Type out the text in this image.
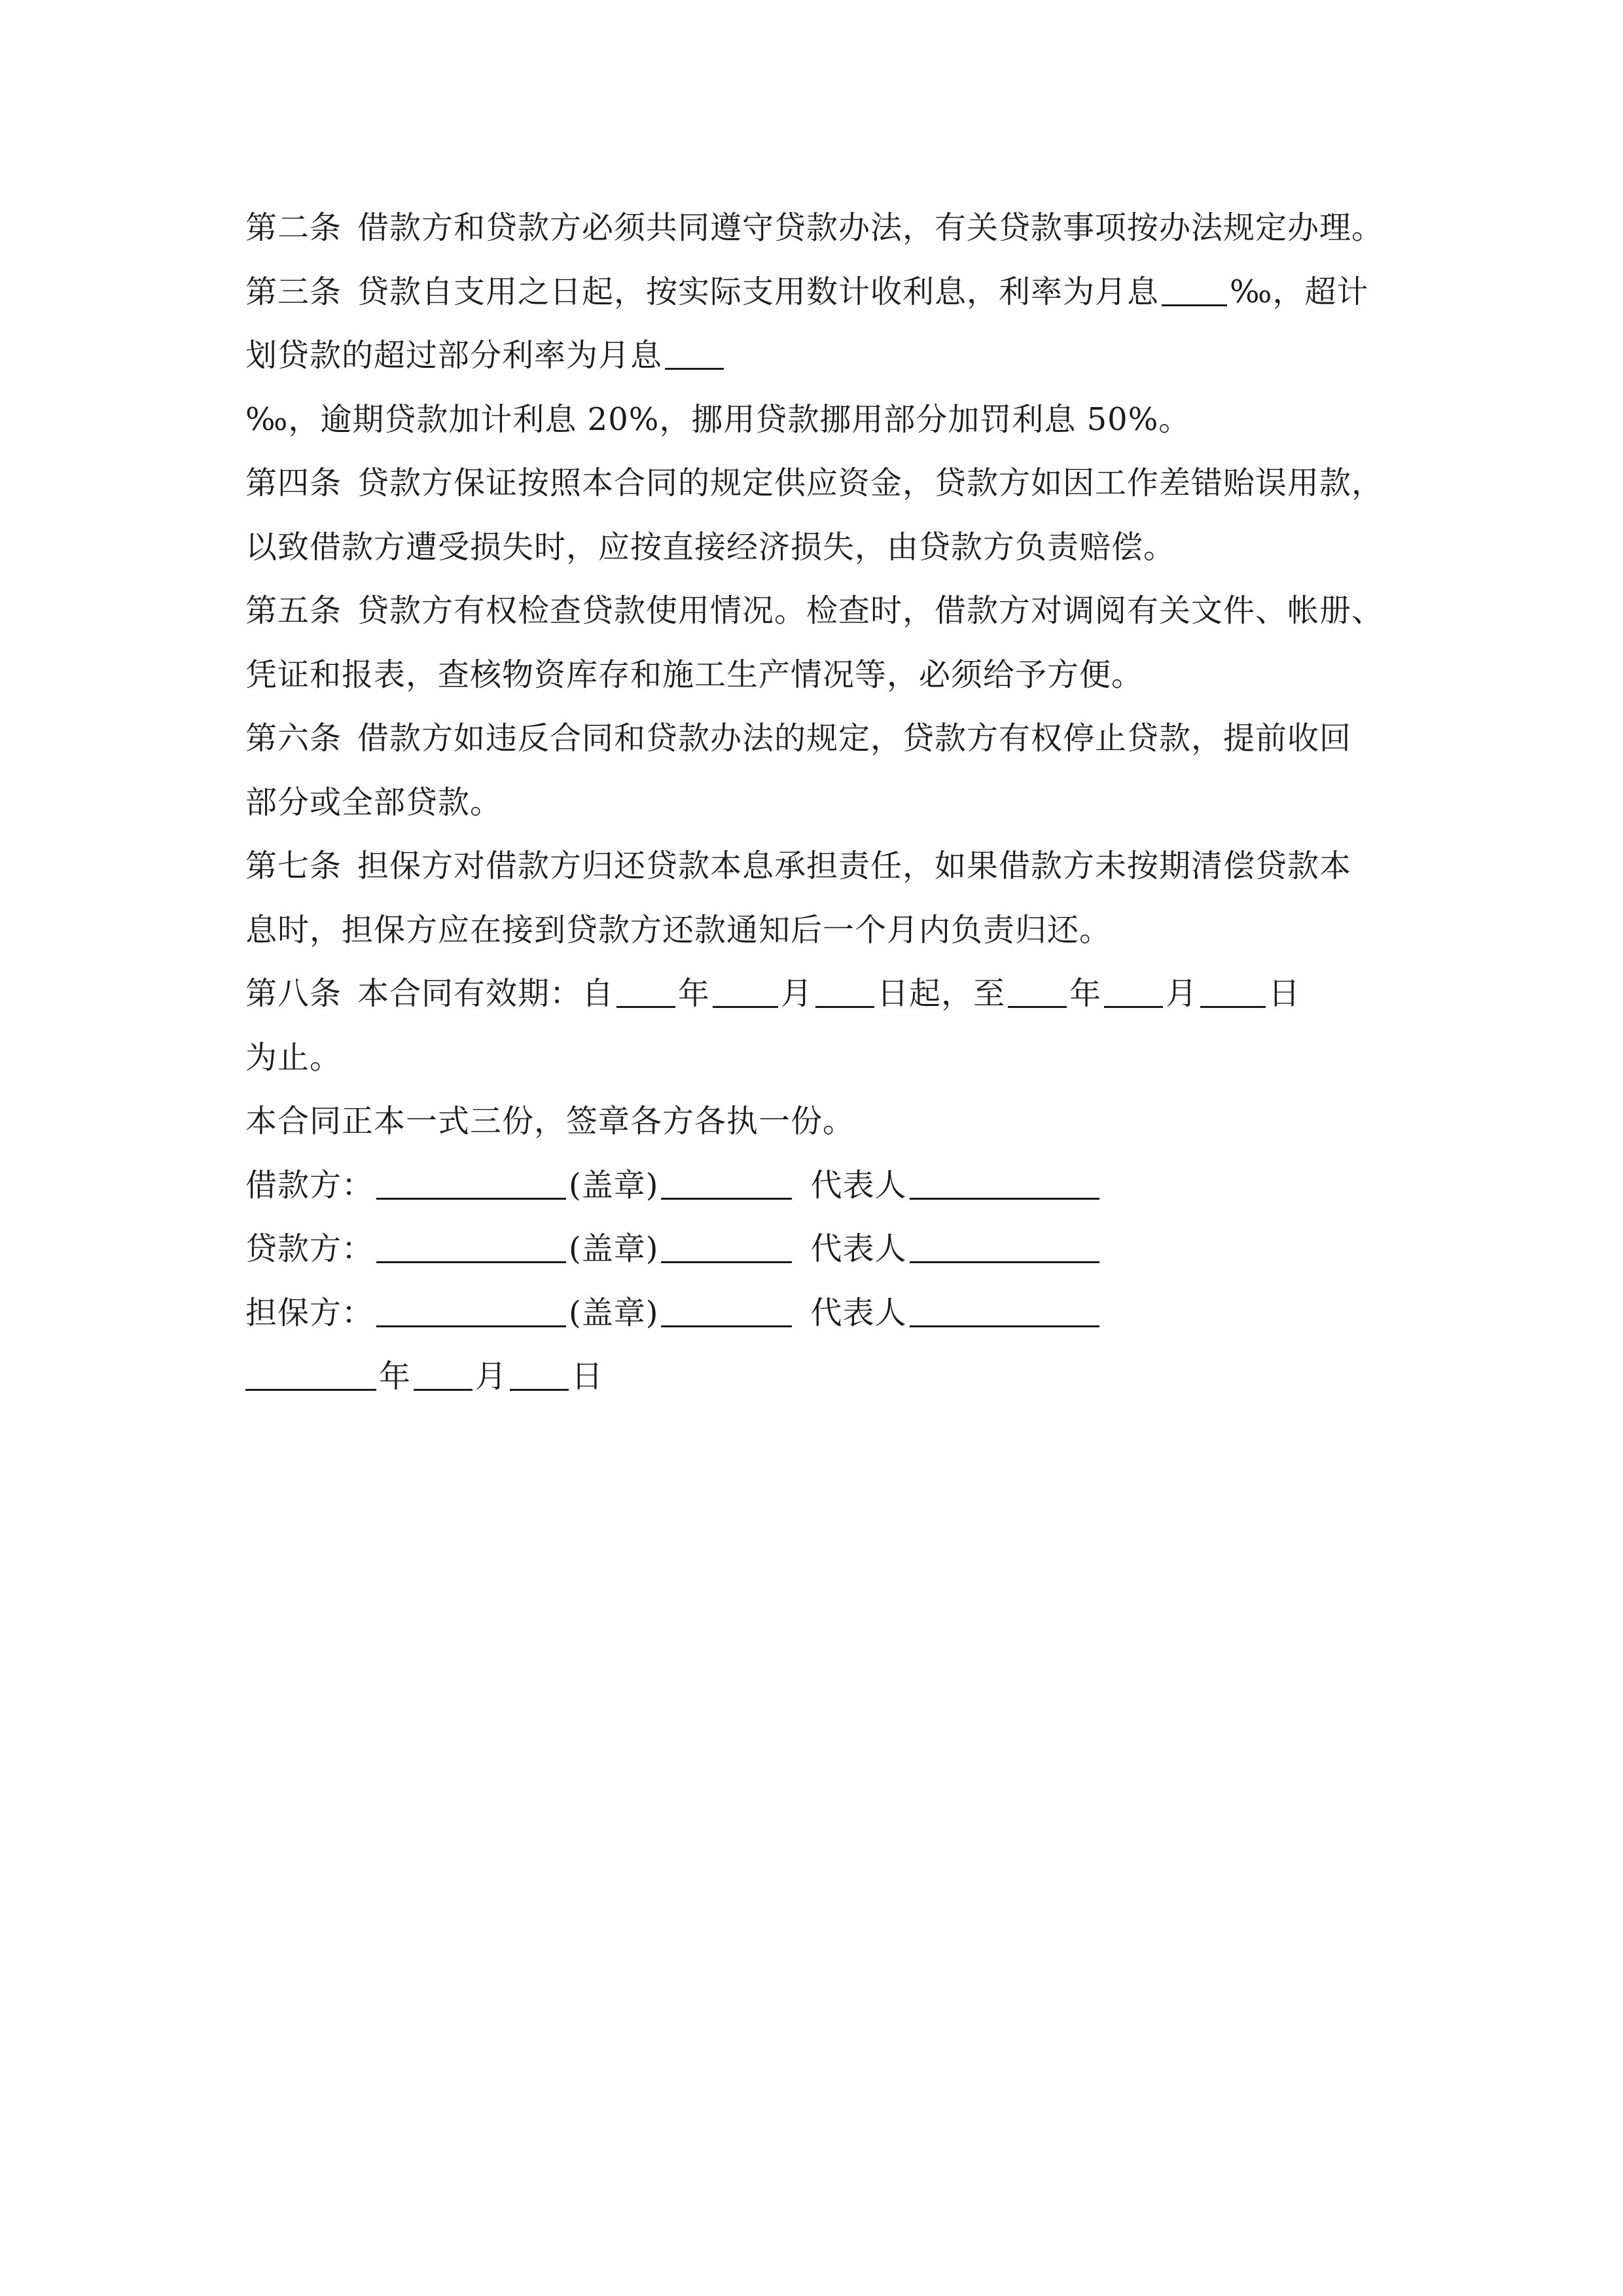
第二条 借款方和贷款方必须共同遵守贷款办法，有关贷款事项按办法规定办理。
第三条 贷款自支用之日起，按实际支用数计收利息，利率为月息 ‰，超计
划贷款的超过部分利率为月息
‰，逾期贷款加计利息 20%，挪用贷款挪用部分加罚利息 50%。
第四条 贷款方保证按照本合同的规定供应资金，贷款方如因工作差错贻误用款，
以致借款方遭受损失时，应按直接经济损失，由贷款方负责赔偿。
第五条 贷款方有权检查贷款使用情况。检查时，借款方对调阅有关文件、帐册、
凭证和报表，查核物资库存和施工生产情况等，必须给予方便。
第六条 借款方如违反合同和贷款办法的规定，贷款方有权停止贷款，提前收回
部分或全部贷款。
第七条 担保方对借款方归还贷款本息承担责任，如果借款方未按期清偿贷款本
息时，担保方应在接到贷款方还款通知后一个月内负责归还。
第八条 本合同有效期：自 年 月 日起，至 年 月 日
为止。
本合同正本一式三份，签章各方各执一份。
借款方：	(盖章)	代表人
贷款方：	(盖章)	代表人
担保方：	(盖章)	代表人
年 月 日
